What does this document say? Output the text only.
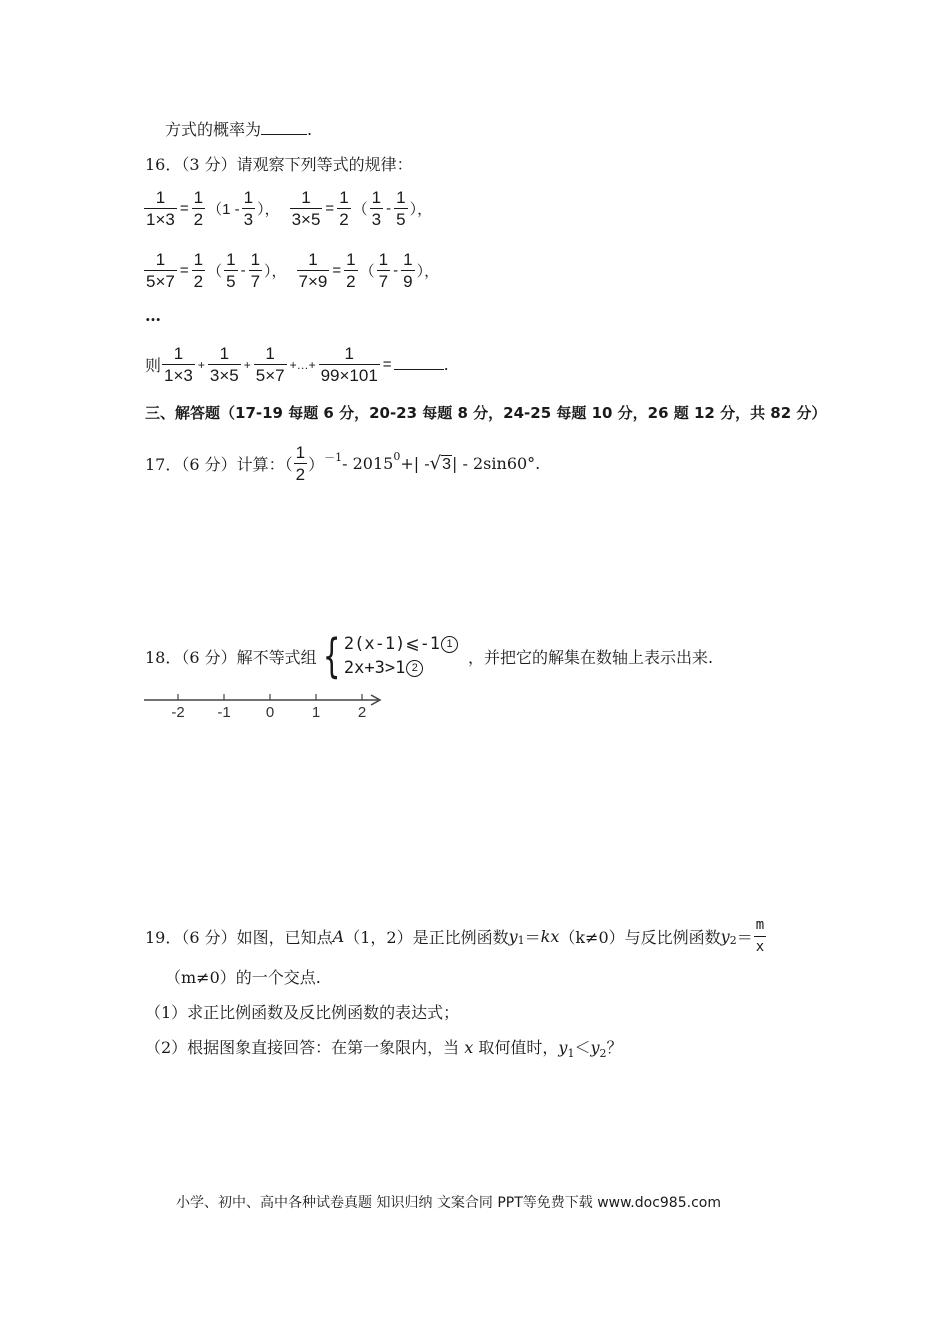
方式的概率为	.
16．（3 分）请观察下列等式的规律：
$\frac{1}{1\times 3} = \frac{1}{2} (1 - \frac{1}{3}$ ）， $\frac{1}{3\times 5} = \frac{1}{2}$ （ $\frac{1}{3} - \frac{1}{5}$ ），
$\frac{1}{5\times 7} = \frac{1}{2}$ （ $\frac{1}{5} - \frac{1}{7}$ ）， $\frac{1}{7\times 9} = \frac{1}{2}$ （ $\frac{1}{7} - \frac{1}{9}$ ），
…
则 $\frac{1}{1\times 3} + \frac{1}{3\times 5} + \frac{1}{5\times 7}$ +…+ $\frac{1}{99\times 101}$ =	.
三、解答题（17-19 每题 6 分，20-23 每题 8 分，24-25 每题 10 分，26 题 12 分，共 82 分）
17．（6 分）计算：（ $\frac{1}{2} )^{-1} - 2015^0$ +| - √ 3 | - 2sin60°.
18．（6 分）解不等式组 { 2(x-1)⩽-1 1
2x+3>1 2
，并把它的解集在数轴上表示出来.
-2 -1 0	1	2
19．（6 分）如图，已知点 A （1，2）是正比例函数 $y_1$ ＝ kx （k≠0）与反比例函数 $y_2 = \frac{m}{x}$
（m≠0）的一个交点.
（1）求正比例函数及反比例函数的表达式；
（2）根据图象直接回答：在第一象限内，当 x 取何值时，$y_1<y_2$？
小学、初中、高中各种试卷真题 知识归纳 文案合同 PPT等免费下载 www.doc985.com
